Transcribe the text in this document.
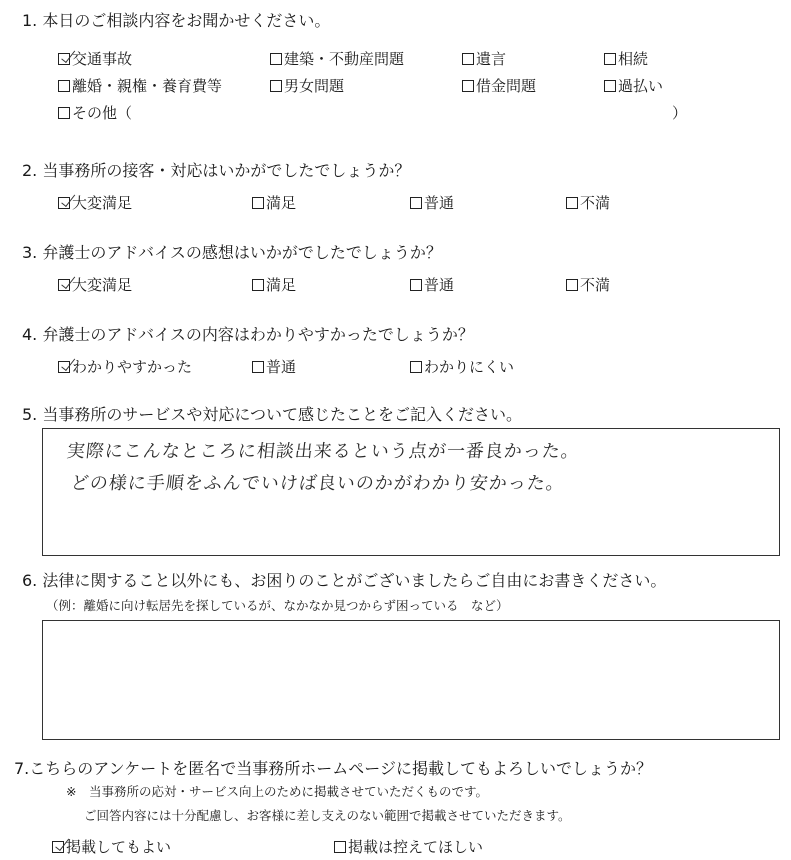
1. 本日のご相談内容をお聞かせください。
交通事故	建築・不動産問題	遺言	相続
離婚・親権・養育費等	男女問題	借金問題	過払い
その他（	）
2. 当事務所の接客・対応はいかがでしたでしょうか？
大変満足	満足	普通	不満
3. 弁護士のアドバイスの感想はいかがでしたでしょうか？
大変満足	満足	普通	不満
4. 弁護士のアドバイスの内容はわかりやすかったでしょうか？
わかりやすかった	普通	わかりにくい
5. 当事務所のサービスや対応について感じたことをご記入ください。
実際にこんなところに相談出来るという点が一番良かった。
どの様に手順をふんでいけば良いのかがわかり安かった。
6. 法律に関すること以外にも、お困りのことがございましたらご自由にお書きください。
（例：離婚に向け転居先を探しているが、なかなか見つからず困っている　など）
7.こちらのアンケートを匿名で当事務所ホームページに掲載してもよろしいでしょうか？
※　当事務所の応対・サービス向上のために掲載させていただくものです。
ご回答内容には十分配慮し、お客様に差し支えのない範囲で掲載させていただきます。
掲載してもよい	掲載は控えてほしい
